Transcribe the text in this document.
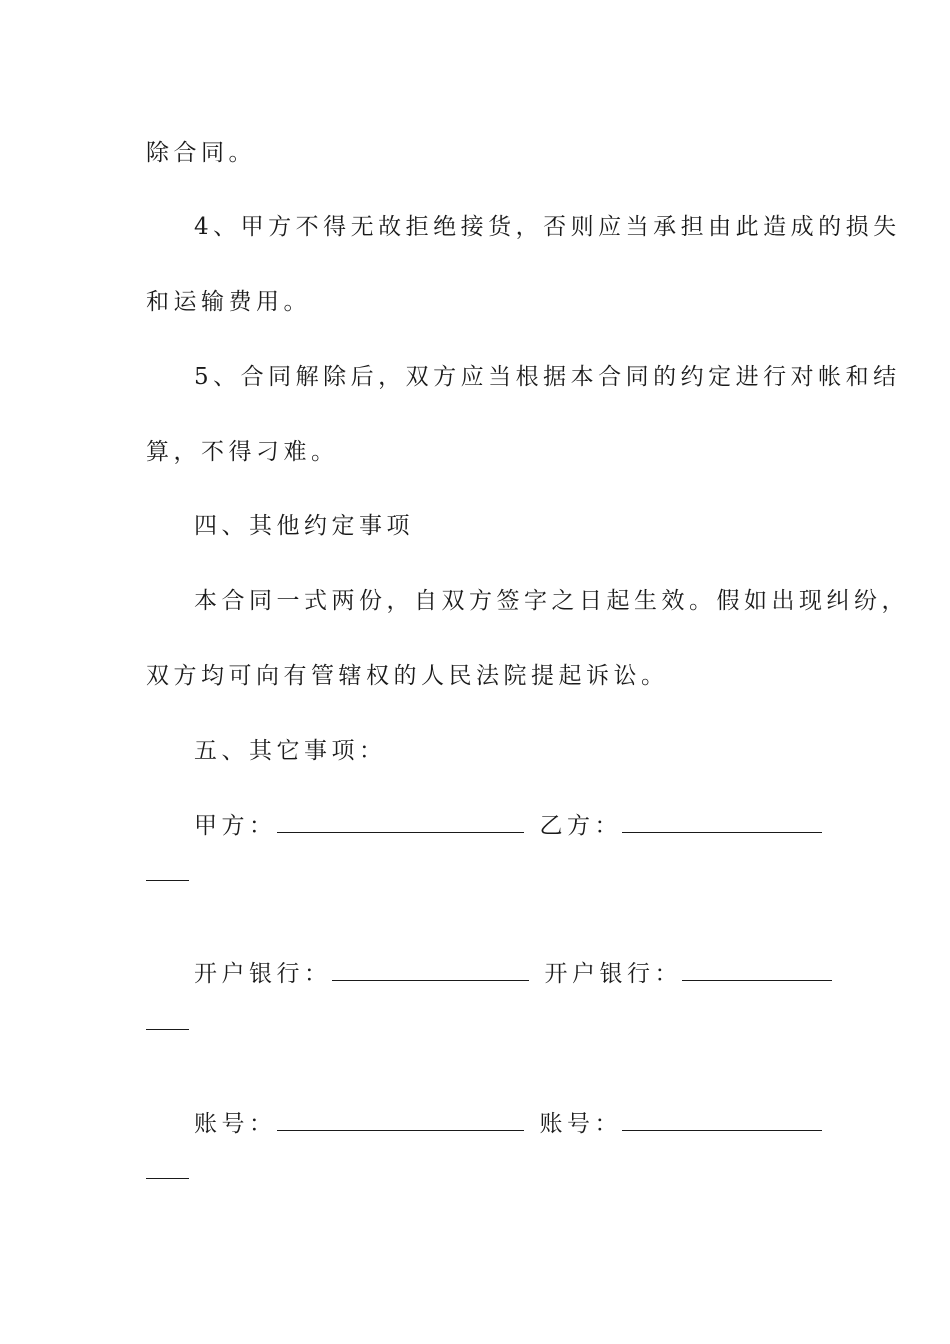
除合同。
4、甲方不得无故拒绝接货，否则应当承担由此造成的损失
和运输费用。
5、合同解除后，双方应当根据本合同的约定进行对帐和结
算，不得刁难。
四、其他约定事项
本合同一式两份，自双方签字之日起生效。假如出现纠纷，
双方均可向有管辖权的人民法院提起诉讼。
五、其它事项：
甲方：	乙方：
开户银行：	开户银行：
账号：	账号：
